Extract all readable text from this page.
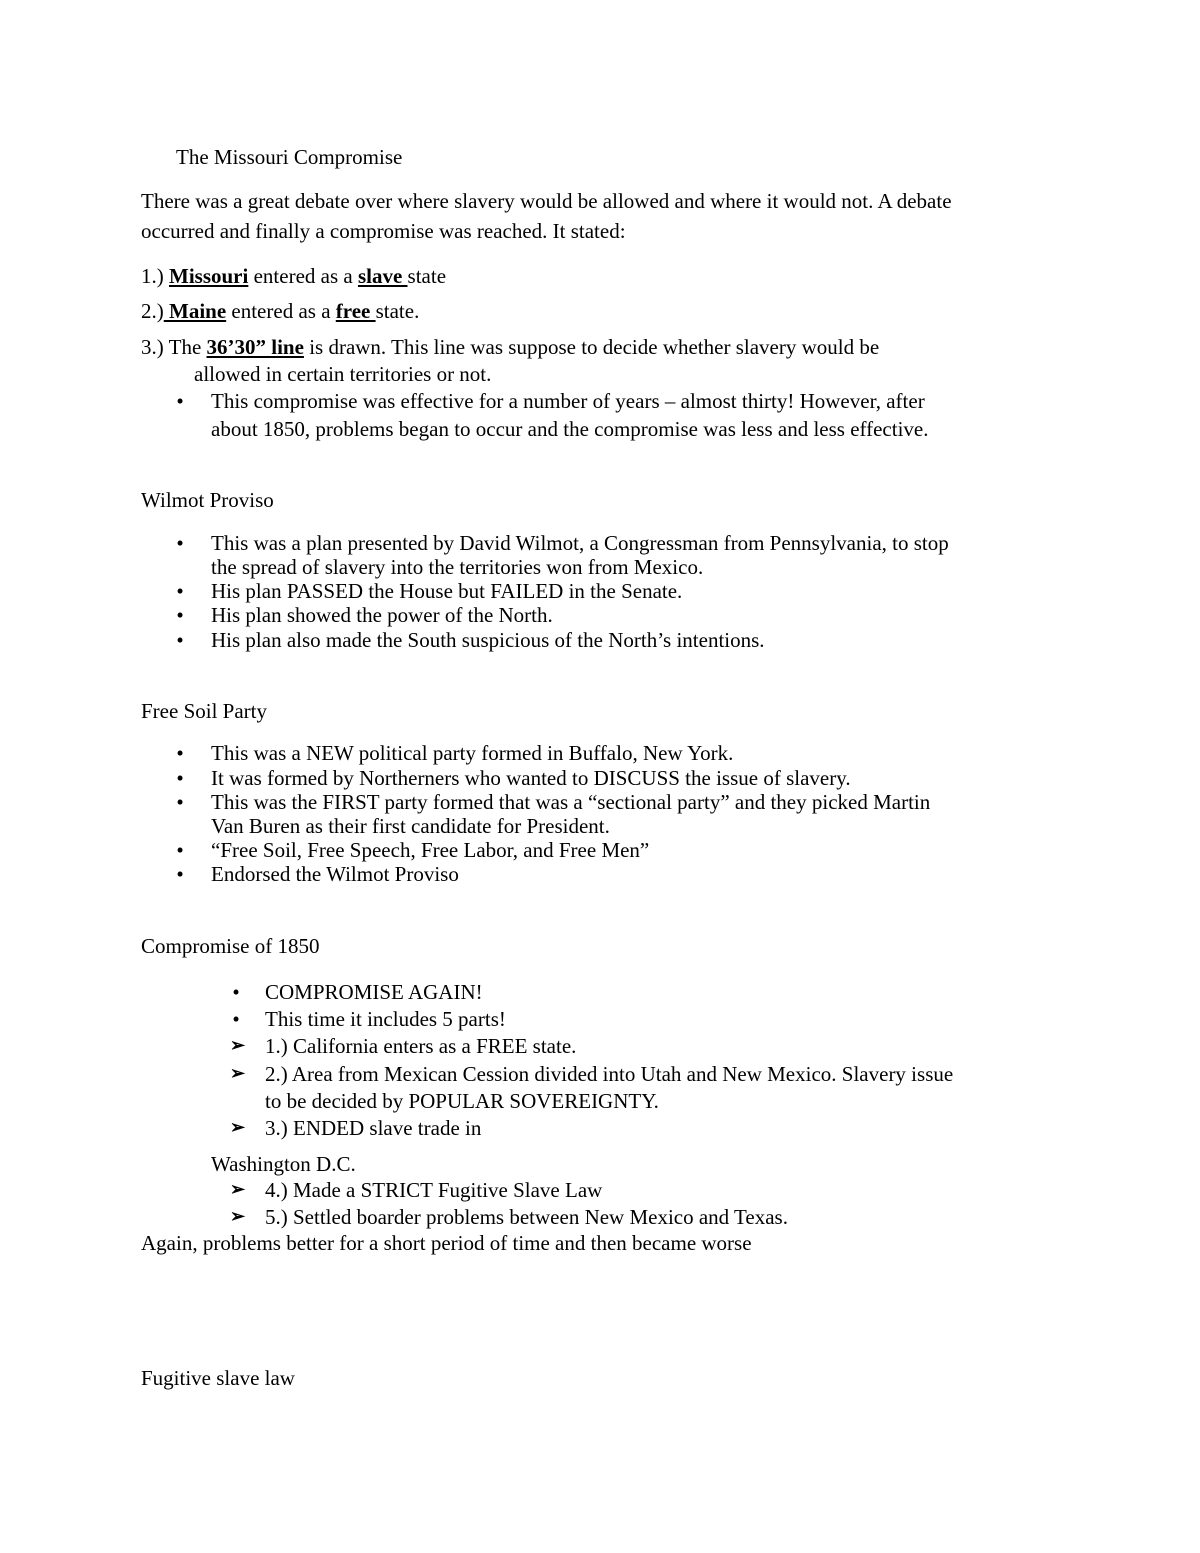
The Missouri Compromise
There was a great debate over where slavery would be allowed and where it would not. A debate
occurred and finally a compromise was reached. It stated:
1.) Missouri entered as a slave state
2.) Maine entered as a free state.
3.) The 36’30” line is drawn. This line was suppose to decide whether slavery would be
allowed in certain territories or not.
•	This compromise was effective for a number of years – almost thirty! However, after
about 1850, problems began to occur and the compromise was less and less effective.
Wilmot Proviso
•	This was a plan presented by David Wilmot, a Congressman from Pennsylvania, to stop
the spread of slavery into the territories won from Mexico.
•	His plan PASSED the House but FAILED in the Senate.
•	His plan showed the power of the North.
•	His plan also made the South suspicious of the North’s intentions.
Free Soil Party
•	This was a NEW political party formed in Buffalo, New York.
•	It was formed by Northerners who wanted to DISCUSS the issue of slavery.
•	This was the FIRST party formed that was a “sectional party” and they picked Martin
Van Buren as their first candidate for President.
•	“Free Soil, Free Speech, Free Labor, and Free Men”
•	Endorsed the Wilmot Proviso
Compromise of 1850
•	COMPROMISE AGAIN!
•	This time it includes 5 parts!
➢ 1.) California enters as a FREE state.
➢ 2.) Area from Mexican Cession divided into Utah and New Mexico. Slavery issue
to be decided by POPULAR SOVEREIGNTY.
➢ 3.) ENDED slave trade in
Washington D.C.
➢ 4.) Made a STRICT Fugitive Slave Law
➢ 5.) Settled boarder problems between New Mexico and Texas.
Again, problems better for a short period of time and then became worse
Fugitive slave law
